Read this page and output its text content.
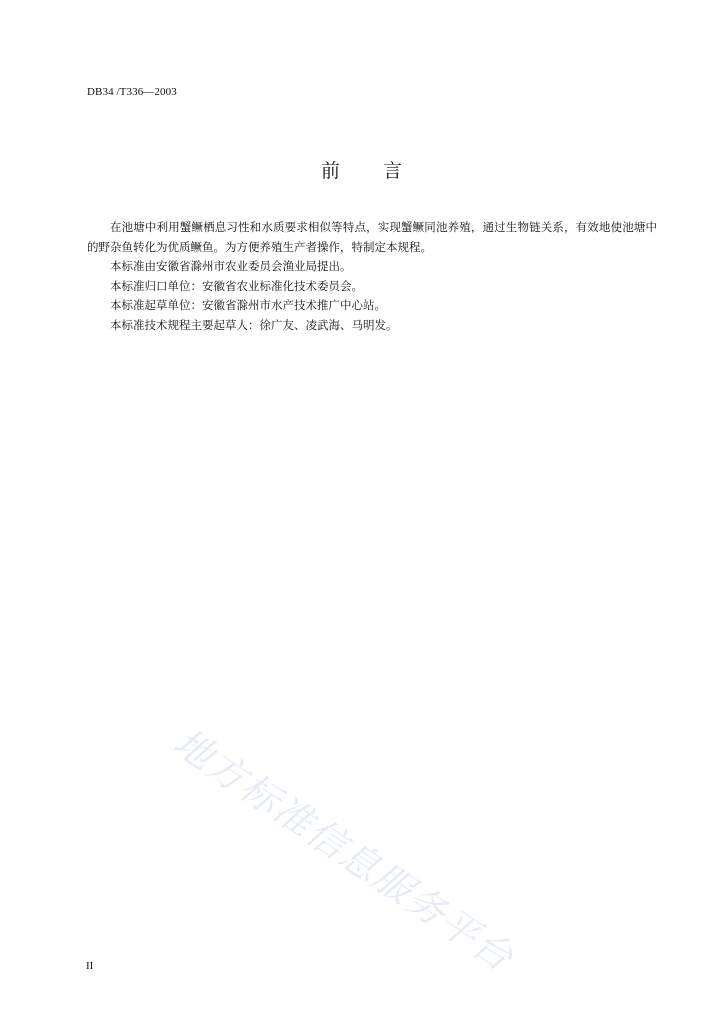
DB34 /T336—2003
前 言

在池塘中利用蟹鳜栖息习性和水质要求相似等特点，实现蟹鳜同池养殖，通过生物链关系，有效地使池塘中的野杂鱼转化为优质鳜鱼。为方便养殖生产者操作，特制定本规程。

本标准由安徽省滁州市农业委员会渔业局提出。

本标准归口单位：安徽省农业标准化技术委员会。

本标准起草单位：安徽省滁州市水产技术推广中心站。

本标准技术规程主要起草人：徐广友、凌武海、马明发。

地方标准信息服务平台
II
